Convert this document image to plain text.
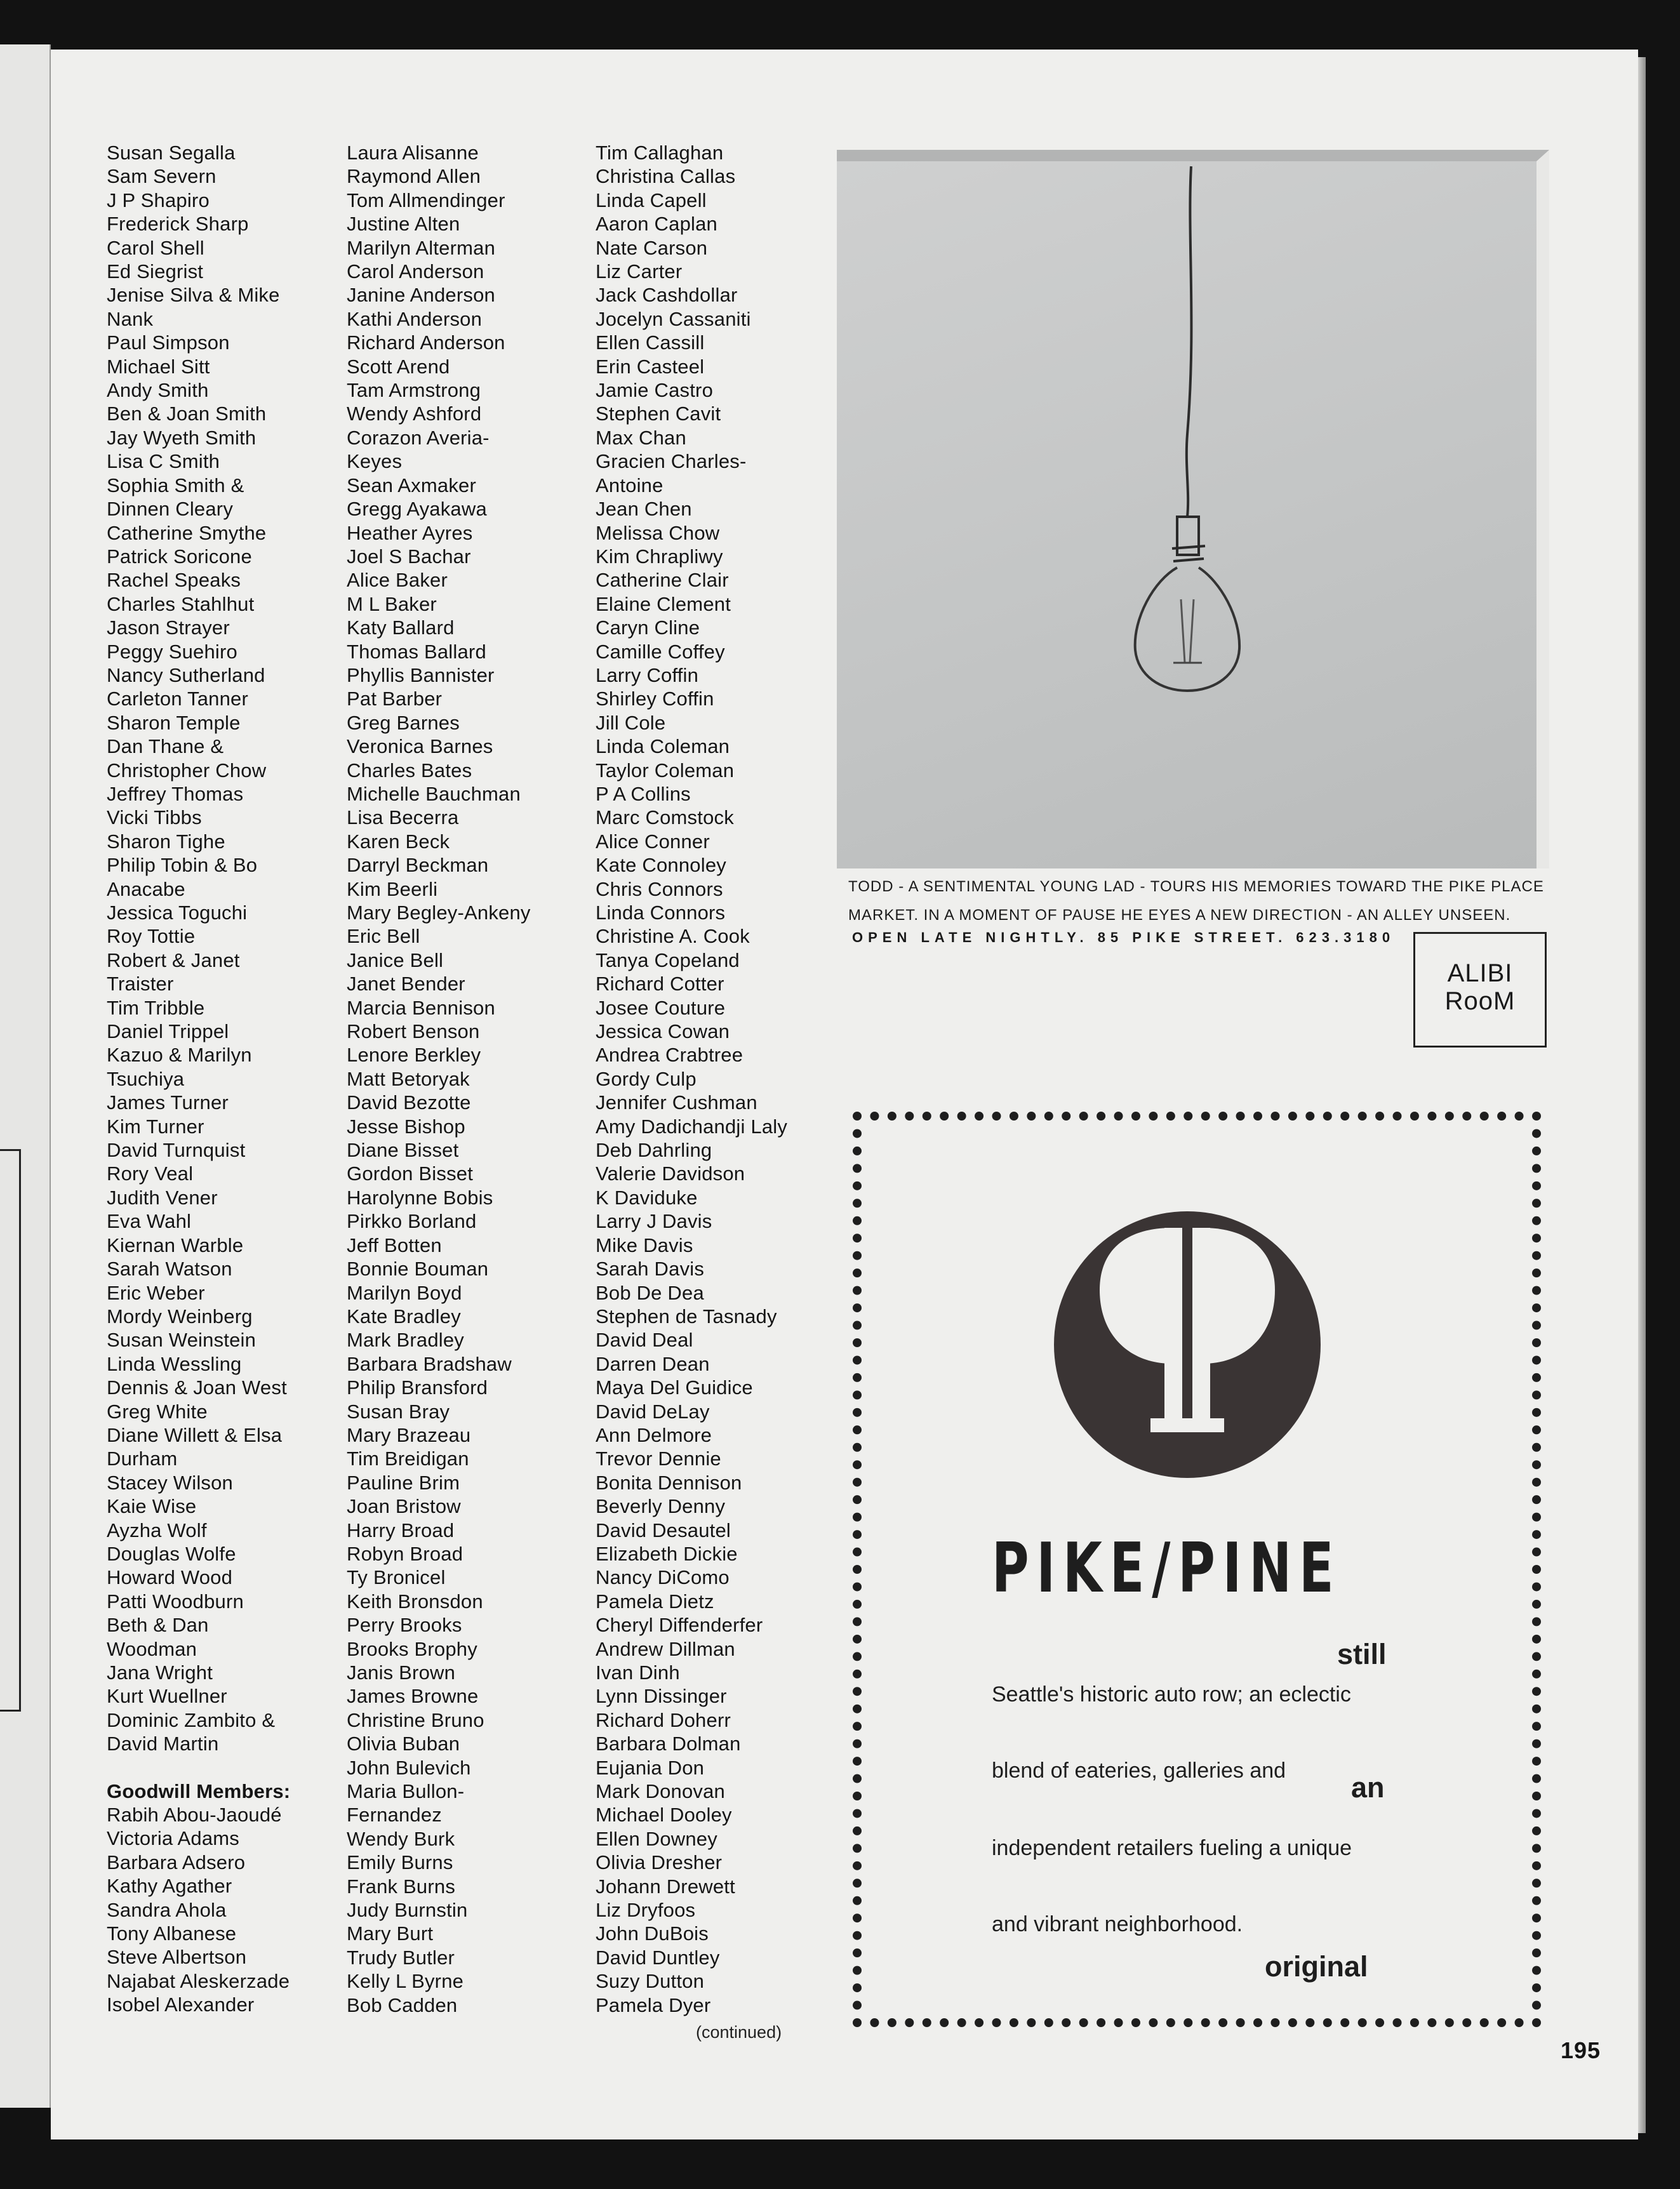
Susan Segalla
Sam Severn
J P Shapiro
Frederick Sharp
Carol Shell
Ed Siegrist
Jenise Silva & Mike
Nank
Paul Simpson
Michael Sitt
Andy Smith
Ben & Joan Smith
Jay Wyeth Smith
Lisa C Smith
Sophia Smith &
Dinnen Cleary
Catherine Smythe
Patrick Soricone
Rachel Speaks
Charles Stahlhut
Jason Strayer
Peggy Suehiro
Nancy Sutherland
Carleton Tanner
Sharon Temple
Dan Thane &
Christopher Chow
Jeffrey Thomas
Vicki Tibbs
Sharon Tighe
Philip Tobin & Bo
Anacabe
Jessica Toguchi
Roy Tottie
Robert & Janet
Traister
Tim Tribble
Daniel Trippel
Kazuo & Marilyn
Tsuchiya
James Turner
Kim Turner
David Turnquist
Rory Veal
Judith Vener
Eva Wahl
Kiernan Warble
Sarah Watson
Eric Weber
Mordy Weinberg
Susan Weinstein
Linda Wessling
Dennis & Joan West
Greg White
Diane Willett & Elsa
Durham
Stacey Wilson
Kaie Wise
Ayzha Wolf
Douglas Wolfe
Howard Wood
Patti Woodburn
Beth & Dan
Woodman
Jana Wright
Kurt Wuellner
Dominic Zambito &
David Martin
Goodwill Members:
Rabih Abou-Jaoudé
Victoria Adams
Barbara Adsero
Kathy Agather
Sandra Ahola
Tony Albanese
Steve Albertson
Najabat Aleskerzade
Isobel Alexander
Laura Alisanne
Raymond Allen
Tom Allmendinger
Justine Alten
Marilyn Alterman
Carol Anderson
Janine Anderson
Kathi Anderson
Richard Anderson
Scott Arend
Tam Armstrong
Wendy Ashford
Corazon Averia-
Keyes
Sean Axmaker
Gregg Ayakawa
Heather Ayres
Joel S Bachar
Alice Baker
M L Baker
Katy Ballard
Thomas Ballard
Phyllis Bannister
Pat Barber
Greg Barnes
Veronica Barnes
Charles Bates
Michelle Bauchman
Lisa Becerra
Karen Beck
Darryl Beckman
Kim Beerli
Mary Begley-Ankeny
Eric Bell
Janice Bell
Janet Bender
Marcia Bennison
Robert Benson
Lenore Berkley
Matt Betoryak
David Bezotte
Jesse Bishop
Diane Bisset
Gordon Bisset
Harolynne Bobis
Pirkko Borland
Jeff Botten
Bonnie Bouman
Marilyn Boyd
Kate Bradley
Mark Bradley
Barbara Bradshaw
Philip Bransford
Susan Bray
Mary Brazeau
Tim Breidigan
Pauline Brim
Joan Bristow
Harry Broad
Robyn Broad
Ty Bronicel
Keith Bronsdon
Perry Brooks
Brooks Brophy
Janis Brown
James Browne
Christine Bruno
Olivia Buban
John Bulevich
Maria Bullon-
Fernandez
Wendy Burk
Emily Burns
Frank Burns
Judy Burnstin
Mary Burt
Trudy Butler
Kelly L Byrne
Bob Cadden
Tim Callaghan
Christina Callas
Linda Capell
Aaron Caplan
Nate Carson
Liz Carter
Jack Cashdollar
Jocelyn Cassaniti
Ellen Cassill
Erin Casteel
Jamie Castro
Stephen Cavit
Max Chan
Gracien Charles-
Antoine
Jean Chen
Melissa Chow
Kim Chrapliwy
Catherine Clair
Elaine Clement
Caryn Cline
Camille Coffey
Larry Coffin
Shirley Coffin
Jill Cole
Linda Coleman
Taylor Coleman
P A Collins
Marc Comstock
Alice Conner
Kate Connoley
Chris Connors
Linda Connors
Christine A. Cook
Tanya Copeland
Richard Cotter
Josee Couture
Jessica Cowan
Andrea Crabtree
Gordy Culp
Jennifer Cushman
Amy Dadichandji Laly
Deb Dahrling
Valerie Davidson
K Daviduke
Larry J Davis
Mike Davis
Sarah Davis
Bob De Dea
Stephen de Tasnady
David Deal
Darren Dean
Maya Del Guidice
David DeLay
Ann Delmore
Trevor Dennie
Bonita Dennison
Beverly Denny
David Desautel
Elizabeth Dickie
Nancy DiComo
Pamela Dietz
Cheryl Diffenderfer
Andrew Dillman
Ivan Dinh
Lynn Dissinger
Richard Doherr
Barbara Dolman
Eujania Don
Mark Donovan
Michael Dooley
Ellen Downey
Olivia Dresher
Johann Drewett
Liz Dryfoos
John DuBois
David Duntley
Suzy Dutton
Pamela Dyer
(continued)
195
TODD - A SENTIMENTAL YOUNG LAD - TOURS HIS MEMORIES TOWARD THE PIKE PLACE
MARKET. IN A MOMENT OF PAUSE HE EYES A NEW DIRECTION - AN ALLEY UNSEEN.
OPEN LATE NIGHTLY. 85 PIKE STREET. 623.3180
ALIBI
RooM
PIKE/PINE
still
Seattle's historic auto row; an eclectic
blend of eateries, galleries and
an
independent retailers fueling a unique
and vibrant neighborhood.
original
